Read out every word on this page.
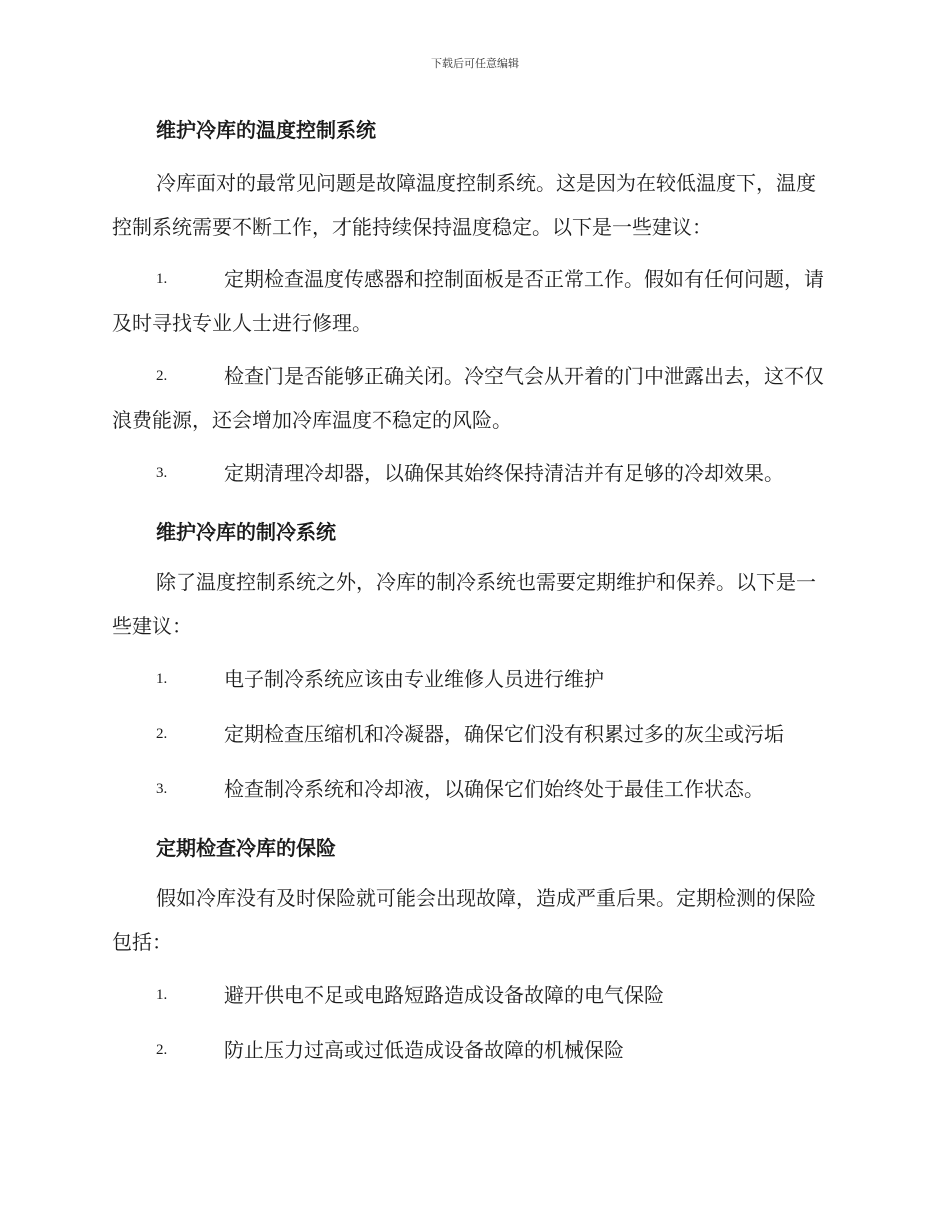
下载后可任意编辑
维护冷库的温度控制系统
冷库面对的最常见问题是故障温度控制系统。这是因为在较低温度下，温度控制系统需要不断工作，才能持续保持温度稳定。以下是一些建议：
1.	定期检查温度传感器和控制面板是否正常工作。假如有任何问题，请及时寻找专业人士进行修理。
2.	检查门是否能够正确关闭。冷空气会从开着的门中泄露出去，这不仅浪费能源，还会增加冷库温度不稳定的风险。
3.	定期清理冷却器，以确保其始终保持清洁并有足够的冷却效果。
维护冷库的制冷系统
除了温度控制系统之外，冷库的制冷系统也需要定期维护和保养。以下是一些建议：
1.	电子制冷系统应该由专业维修人员进行维护
2.	定期检查压缩机和冷凝器，确保它们没有积累过多的灰尘或污垢
3.	检查制冷系统和冷却液，以确保它们始终处于最佳工作状态。
定期检查冷库的保险
假如冷库没有及时保险就可能会出现故障，造成严重后果。定期检测的保险包括：
1.	避开供电不足或电路短路造成设备故障的电气保险
2.	防止压力过高或过低造成设备故障的机械保险
